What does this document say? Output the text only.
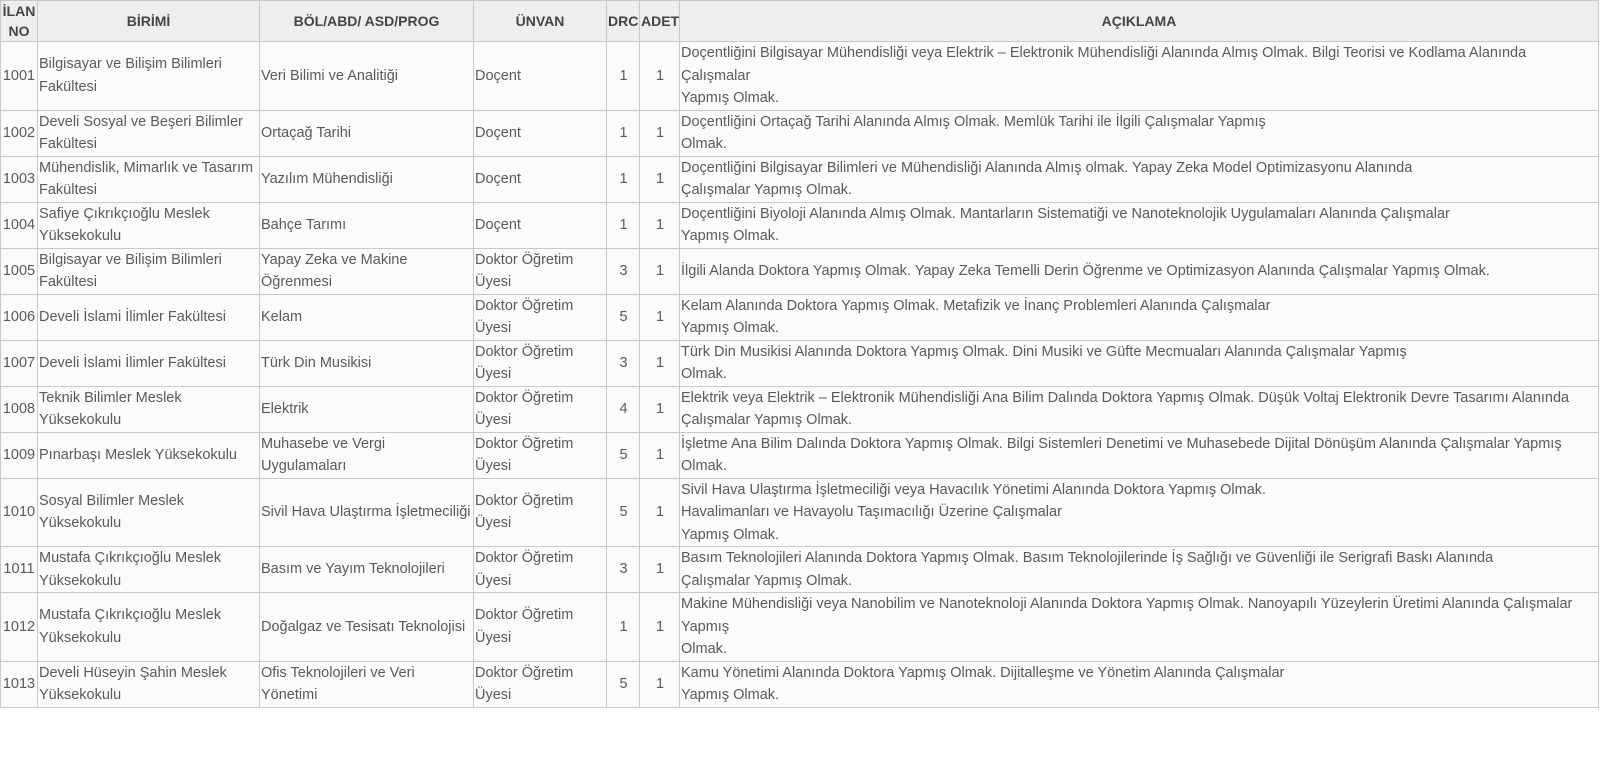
İLAN NO	BİRİMİ	BÖL/ABD/ ASD/PROG	ÜNVAN	DRC	ADET	AÇIKLAMA
1001	Bilgisayar ve Bilişim Bilimleri Fakültesi	Veri Bilimi ve Analitiği	Doçent	1	1	Doçentliğini Bilgisayar Mühendisliği veya Elektrik – Elektronik Mühendisliği Alanında Almış Olmak. Bilgi Teorisi ve Kodlama Alanında Çalışmalar
Yapmış Olmak.
1002	Develi Sosyal ve Beşeri Bilimler Fakültesi	Ortaçağ Tarihi	Doçent	1	1	Doçentliğini Ortaçağ Tarihi Alanında Almış Olmak. Memlük Tarihi ile İlgili Çalışmalar Yapmış
Olmak.
1003	Mühendislik, Mimarlık ve Tasarım Fakültesi	Yazılım Mühendisliği	Doçent	1	1	Doçentliğini Bilgisayar Bilimleri ve Mühendisliği Alanında Almış olmak. Yapay Zeka Model Optimizasyonu Alanında
Çalışmalar Yapmış Olmak.
1004	Safiye Çıkrıkçıoğlu Meslek Yüksekokulu	Bahçe Tarımı	Doçent	1	1	Doçentliğini Biyoloji Alanında Almış Olmak. Mantarların Sistematiği ve Nanoteknolojik Uygulamaları Alanında Çalışmalar
Yapmış Olmak.
1005	Bilgisayar ve Bilişim Bilimleri Fakültesi	Yapay Zeka ve Makine Öğrenmesi	Doktor Öğretim Üyesi	3	1	İlgili Alanda Doktora Yapmış Olmak. Yapay Zeka Temelli Derin Öğrenme ve Optimizasyon Alanında Çalışmalar Yapmış Olmak.
1006	Develi İslami İlimler Fakültesi	Kelam	Doktor Öğretim Üyesi	5	1	Kelam Alanında Doktora Yapmış Olmak. Metafizik ve İnanç Problemleri Alanında Çalışmalar
Yapmış Olmak.
1007	Develi İslami İlimler Fakültesi	Türk Din Musikisi	Doktor Öğretim Üyesi	3	1	Türk Din Musikisi Alanında Doktora Yapmış Olmak. Dini Musiki ve Güfte Mecmuaları Alanında Çalışmalar Yapmış
Olmak.
1008	Teknik Bilimler Meslek Yüksekokulu	Elektrik	Doktor Öğretim Üyesi	4	1	Elektrik veya Elektrik – Elektronik Mühendisliği Ana Bilim Dalında Doktora Yapmış Olmak. Düşük Voltaj Elektronik Devre Tasarımı Alanında
Çalışmalar Yapmış Olmak.
1009	Pınarbaşı Meslek Yüksekokulu	Muhasebe ve Vergi Uygulamaları	Doktor Öğretim Üyesi	5	1	İşletme Ana Bilim Dalında Doktora Yapmış Olmak. Bilgi Sistemleri Denetimi ve Muhasebede Dijital Dönüşüm Alanında Çalışmalar Yapmış
Olmak.
1010	Sosyal Bilimler Meslek Yüksekokulu	Sivil Hava Ulaştırma İşletmeciliği	Doktor Öğretim Üyesi	5	1	Sivil Hava Ulaştırma İşletmeciliği veya Havacılık Yönetimi Alanında Doktora Yapmış Olmak.
Havalimanları ve Havayolu Taşımacılığı Üzerine Çalışmalar
Yapmış Olmak.
1011	Mustafa Çıkrıkçıoğlu Meslek Yüksekokulu	Basım ve Yayım Teknolojileri	Doktor Öğretim Üyesi	3	1	Basım Teknolojileri Alanında Doktora Yapmış Olmak. Basım Teknolojilerinde İş Sağlığı ve Güvenliği ile Serigrafi Baskı Alanında
Çalışmalar Yapmış Olmak.
1012	Mustafa Çıkrıkçıoğlu Meslek Yüksekokulu	Doğalgaz ve Tesisatı Teknolojisi	Doktor Öğretim Üyesi	1	1	Makine Mühendisliği veya Nanobilim ve Nanoteknoloji Alanında Doktora Yapmış Olmak. Nanoyapılı Yüzeylerin Üretimi Alanında Çalışmalar Yapmış
Olmak.
1013	Develi Hüseyin Şahin Meslek Yüksekokulu	Ofis Teknolojileri ve Veri Yönetimi	Doktor Öğretim Üyesi	5	1	Kamu Yönetimi Alanında Doktora Yapmış Olmak. Dijitalleşme ve Yönetim Alanında Çalışmalar
Yapmış Olmak.
